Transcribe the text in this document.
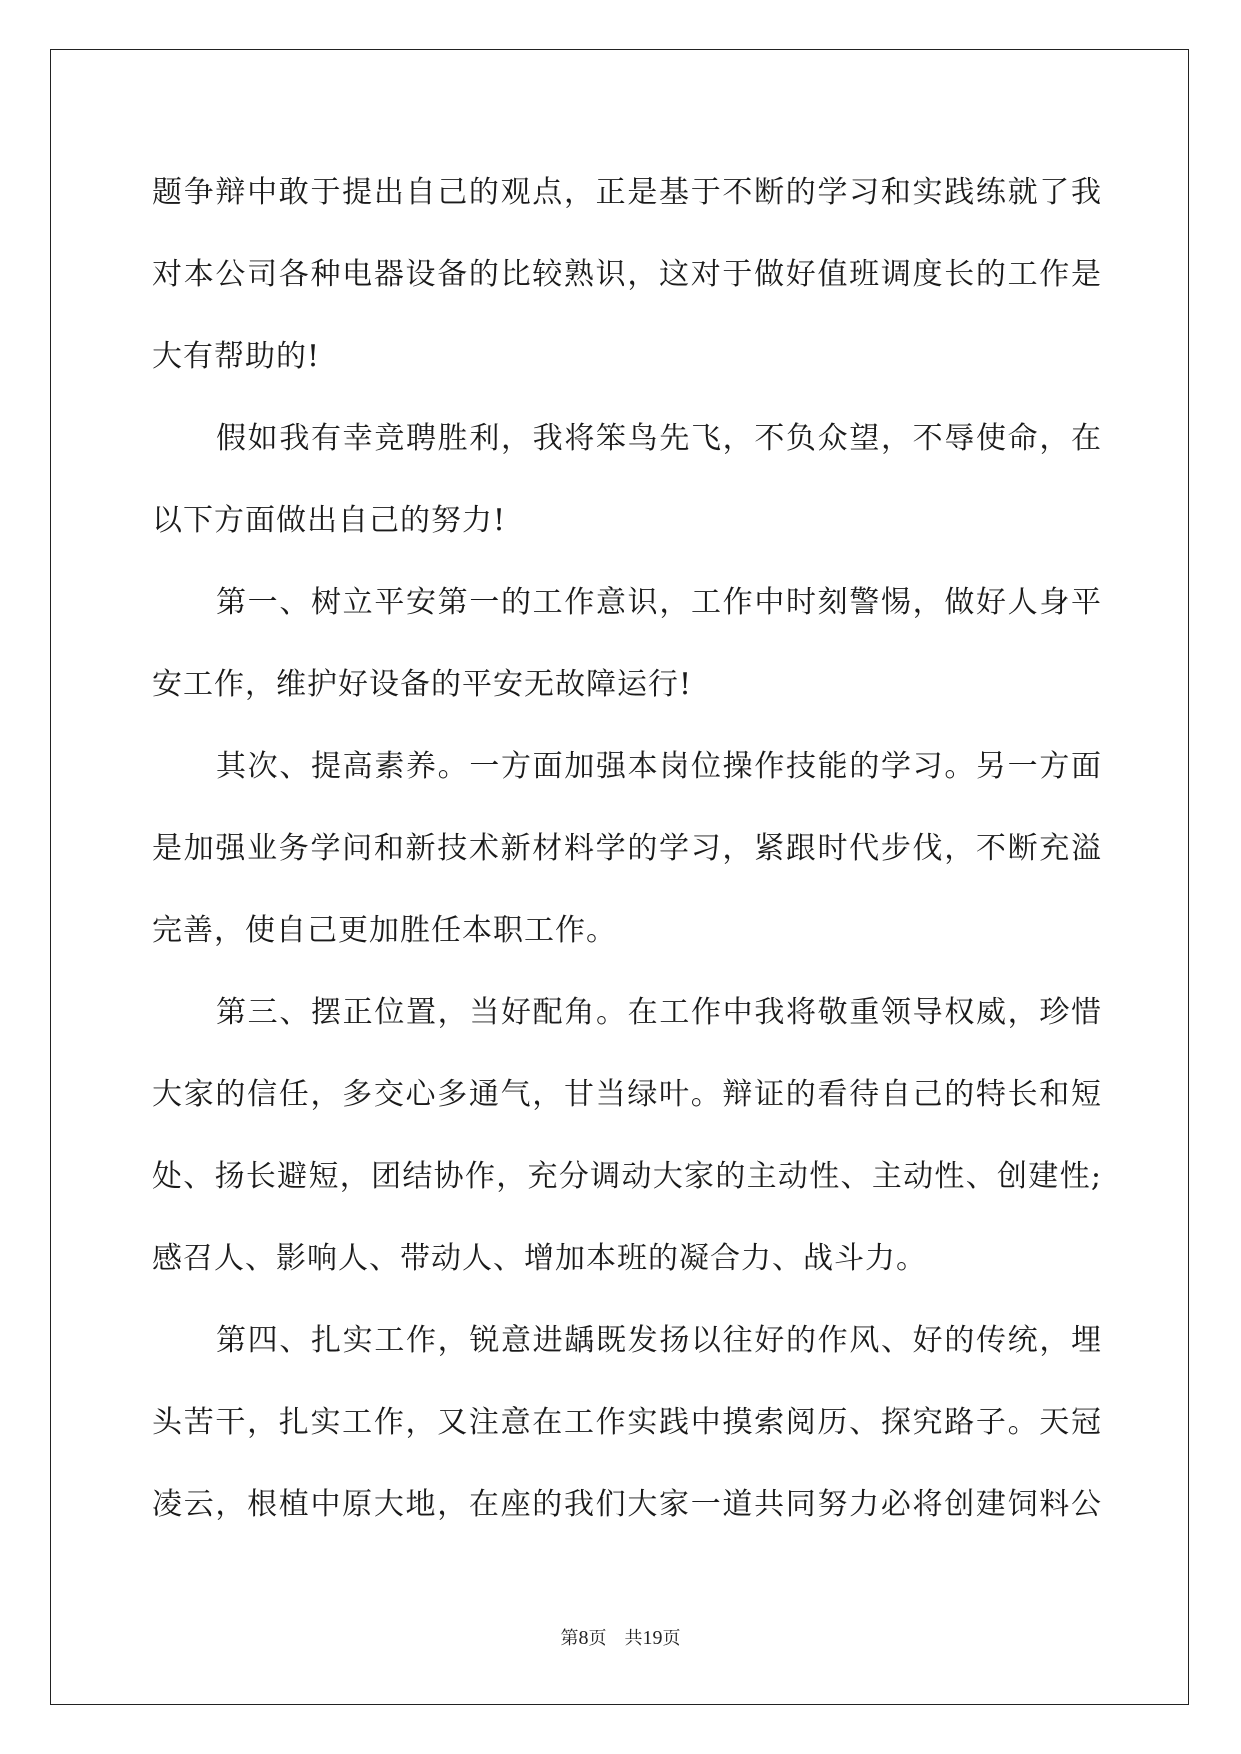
题争辩中敢于提出自己的观点，正是基于不断的学习和实践练就了我
对本公司各种电器设备的比较熟识，这对于做好值班调度长的工作是
大有帮助的!
假如我有幸竞聘胜利，我将笨鸟先飞，不负众望，不辱使命，在
以下方面做出自己的努力!
第一、树立平安第一的工作意识，工作中时刻警惕，做好人身平
安工作，维护好设备的平安无故障运行!
其次、提高素养。一方面加强本岗位操作技能的学习。另一方面
是加强业务学问和新技术新材料学的学习，紧跟时代步伐，不断充溢
完善，使自己更加胜任本职工作。
第三、摆正位置，当好配角。在工作中我将敬重领导权威，珍惜
大家的信任，多交心多通气，甘当绿叶。辩证的看待自己的特长和短
处、扬长避短，团结协作，充分调动大家的主动性、主动性、创建性;
感召人、影响人、带动人、增加本班的凝合力、战斗力。
第四、扎实工作，锐意进龋既发扬以往好的作风、好的传统，埋
头苦干，扎实工作，又注意在工作实践中摸索阅历、探究路子。天冠
凌云，根植中原大地，在座的我们大家一道共同努力必将创建饲料公
第8页　共19页
